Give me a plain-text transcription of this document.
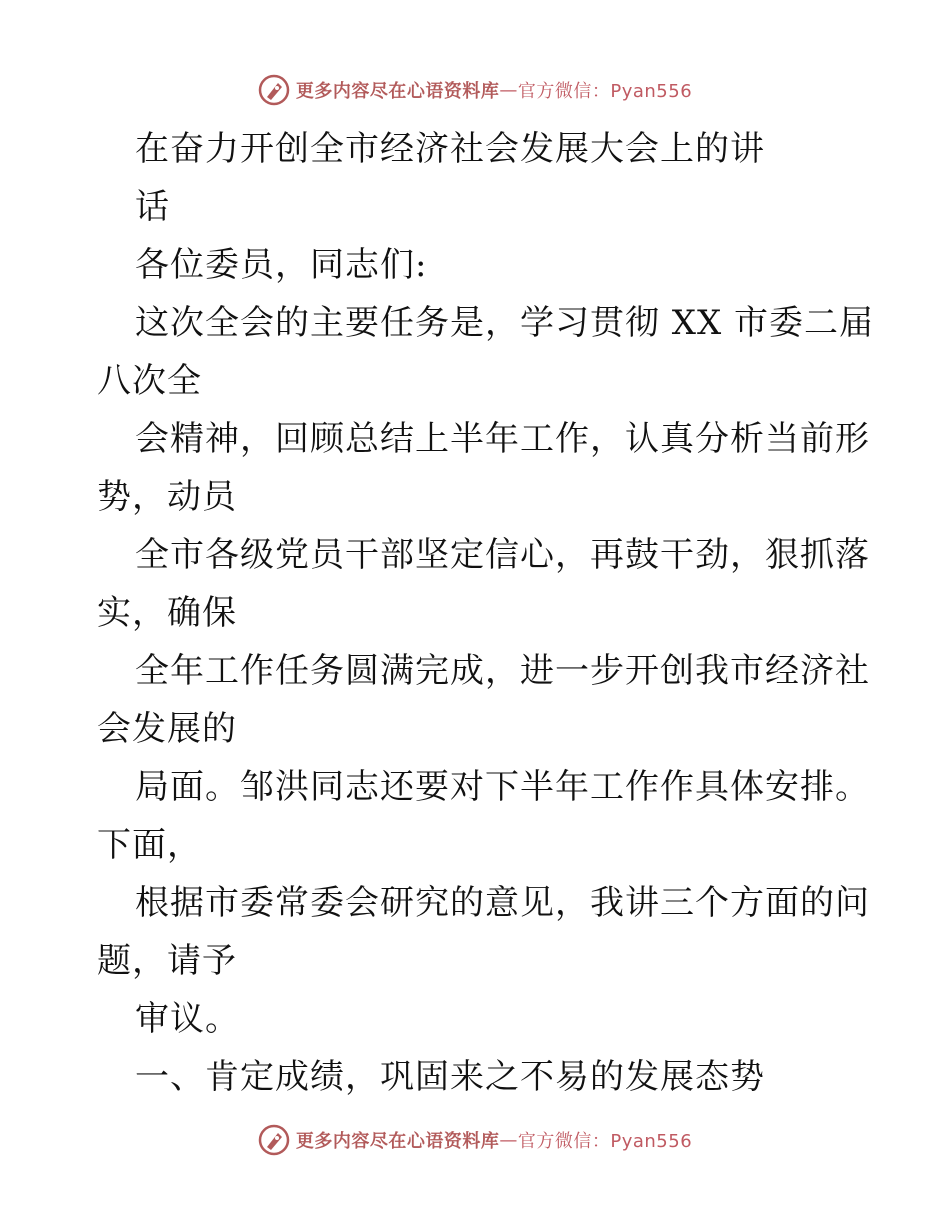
更多内容尽在心语资料库 — 官方微信：Pyan556
在奋力开创全市经济社会发展大会上的讲
话
各位委员，同志们:
这次全会的主要任务是，学习贯彻 XX 市委二届
八次全
会精神，回顾总结上半年工作，认真分析当前形
势，动员
全市各级党员干部坚定信心，再鼓干劲，狠抓落
实，确保
全年工作任务圆满完成，进一步开创我市经济社
会发展的
局面。邹洪同志还要对下半年工作作具体安排。
下面，
根据市委常委会研究的意见，我讲三个方面的问
题，请予
审议。
一、肯定成绩，巩固来之不易的发展态势
更多内容尽在心语资料库 — 官方微信：Pyan556
